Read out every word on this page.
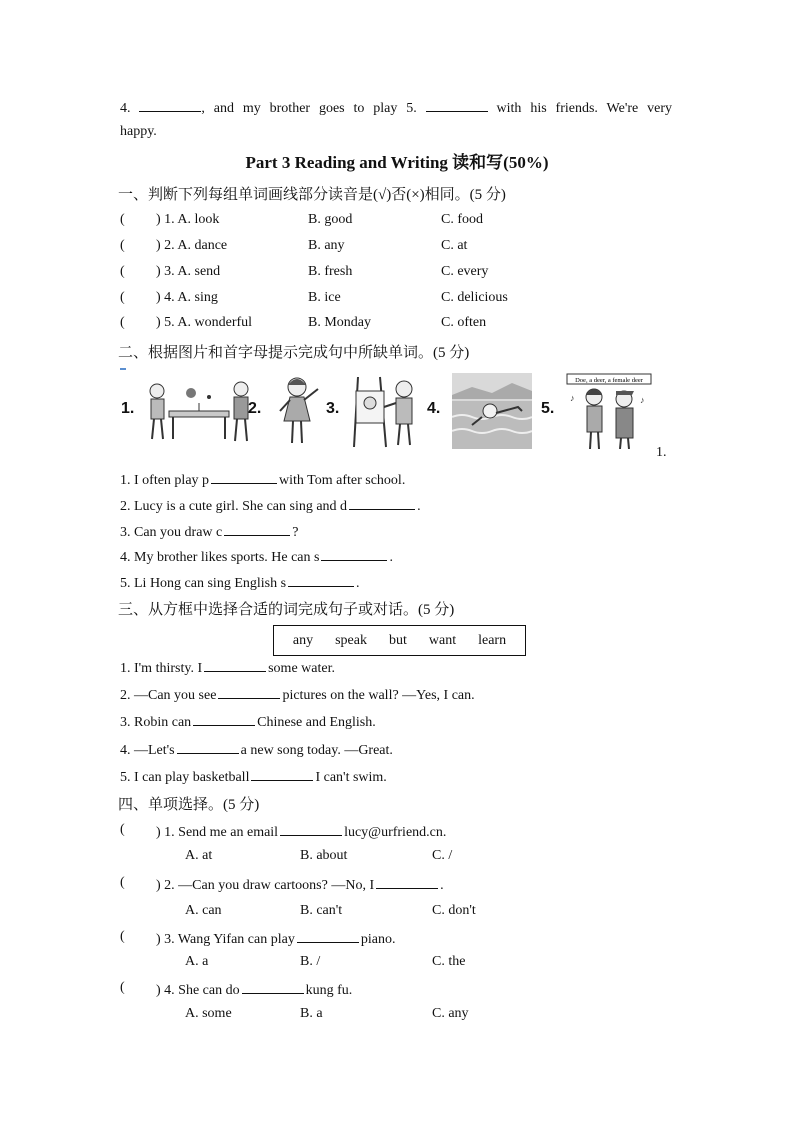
4.	, and my brother goes to play 5.	with his friends. We're very
happy.
Part 3 Reading and Writing 读和写(50%)
一、判断下列每组单词画线部分读音是(√)否(×)相同。(5 分)
( ) 1. A. look	B. good	C. food
( ) 2. A. dance	B. any	C. at
( ) 3. A. send	B. fresh	C. every
( ) 4. A. sing	B. ice	C. delicious
( ) 5. A. wonderful	B. Monday	C. often
二、根据图片和首字母提示完成句中所缺单词。(5 分)
1.	2.	3.	4.	5.
Doe, a deer, a female deer
♪	♪
1.
1. I often play p	with Tom after school.
2. Lucy is a cute girl. She can sing and d	.
3. Can you draw c	?
4. My brother likes sports. He can s	.
5. Li Hong can sing English s	.
三、从方框中选择合适的词完成句子或对话。(5 分)
any speak but want learn
1. I'm thirsty. I	some water.
2. —Can you see	pictures on the wall? —Yes, I can.
3. Robin can	Chinese and English.
4. —Let's	a new song today. —Great.
5. I can play basketball	I can't swim.
四、单项选择。(5 分)
( ) 1. Send me an email	lucy@urfriend.cn.
A. at	B. about	C. /
( ) 2. —Can you draw cartoons? —No, I	.
A. can	B. can't	C. don't
( ) 3. Wang Yifan can play	piano.
A. a	B. /	C. the
( ) 4. She can do	kung fu.
A. some	B. a	C. any
